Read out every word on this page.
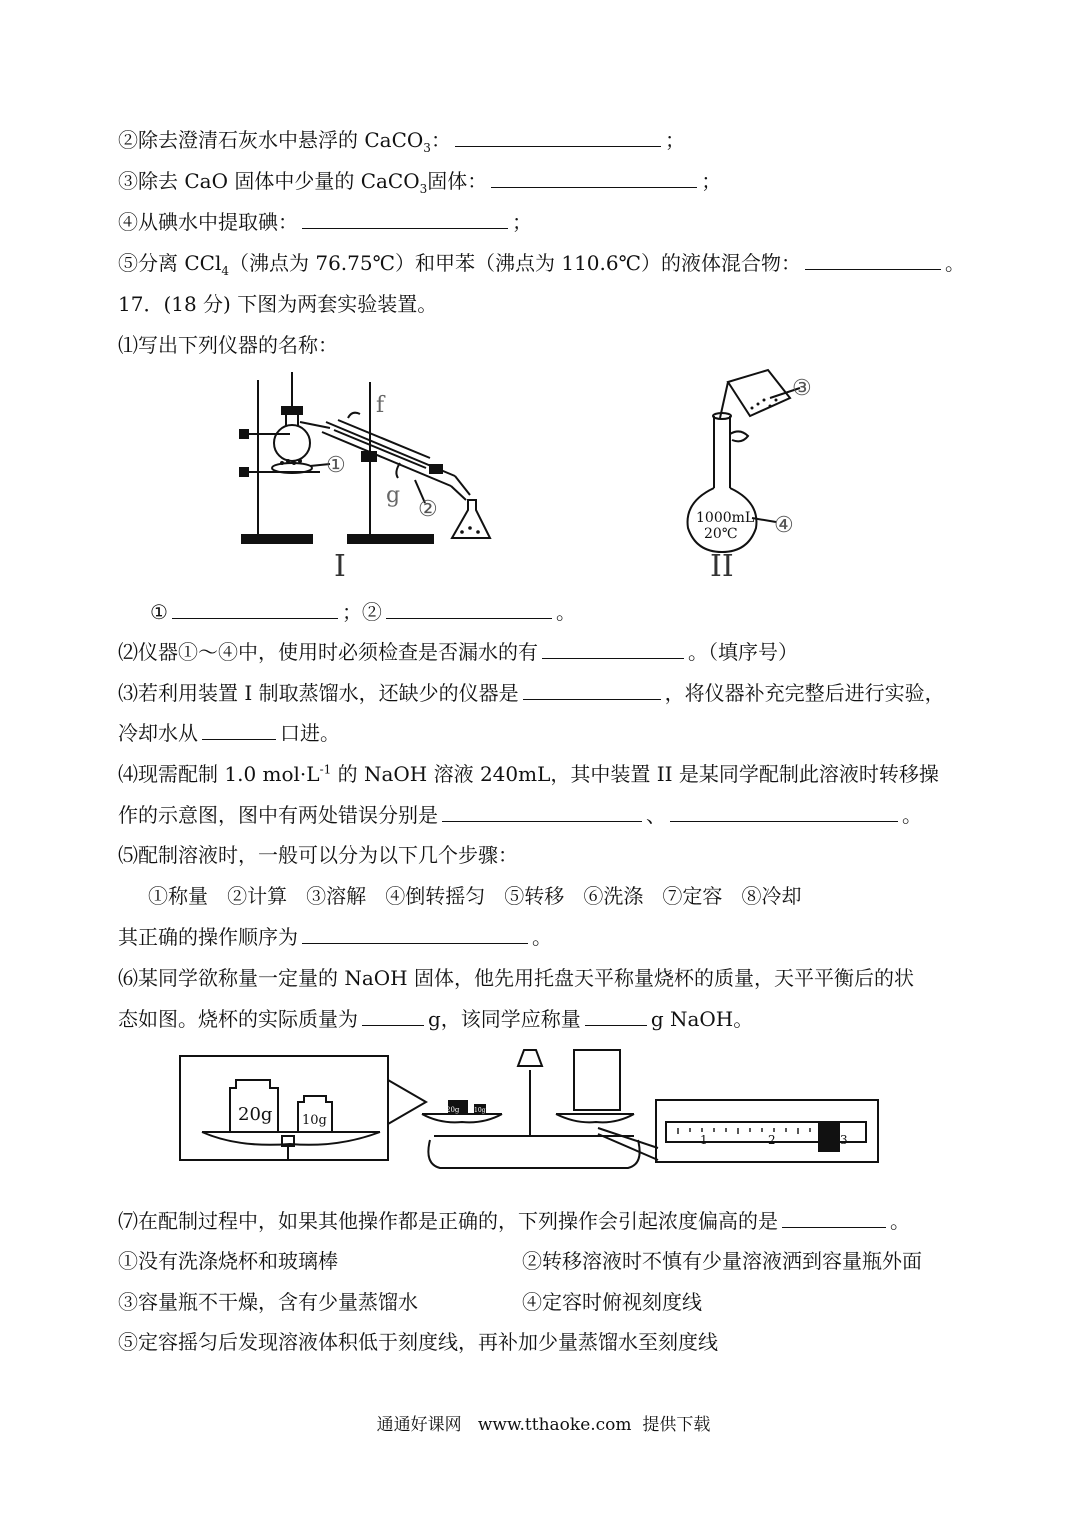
②除去澄清石灰水中悬浮的 CaCO$_3$：	；
③除去 CaO 固体中少量的 CaCO$_3$固体：	；
④从碘水中提取碘：	；
⑤分离 CCl$_4$（沸点为 76.75℃）和甲苯（沸点为 110.6℃）的液体混合物：	。
17．(18 分) 下图为两套实验装置。
⑴写出下列仪器的名称：
f
g
①
②
I
③
1000mL
20℃ ④
II
①	；②	。
⑵仪器①～④中，使用时必须检查是否漏水的有	。（填序号）
⑶若利用装置 I 制取蒸馏水，还缺少的仪器是	，将仪器补充完整后进行实验，
冷却水从	口进。
⑷现需配制 1.0 $mol\cdot L^{-1}$ 的 NaOH 溶液 240mL，其中装置 II 是某同学配制此溶液时转移操
作的示意图，图中有两处错误分别是	、	。
⑸配制溶液时，一般可以分为以下几个步骤：
①称量   ②计算   ③溶解   ④倒转摇匀   ⑤转移   ⑥洗涤   ⑦定容   ⑧冷却
其正确的操作顺序为	。
⑹某同学欲称量一定量的 NaOH 固体，他先用托盘天平称量烧杯的质量，天平平衡后的状
态如图。烧杯的实际质量为	g，该同学应称量	g NaOH。
20g 10g
20g 10g
1	2	3
⑺在配制过程中，如果其他操作都是正确的，下列操作会引起浓度偏高的是	。
①没有洗涤烧杯和玻璃棒	②转移溶液时不慎有少量溶液洒到容量瓶外面
③容量瓶不干燥，含有少量蒸馏水	④定容时俯视刻度线
⑤定容摇匀后发现溶液体积低于刻度线，再补加少量蒸馏水至刻度线
通通好课网   www.tthaoke.com  提供下载
